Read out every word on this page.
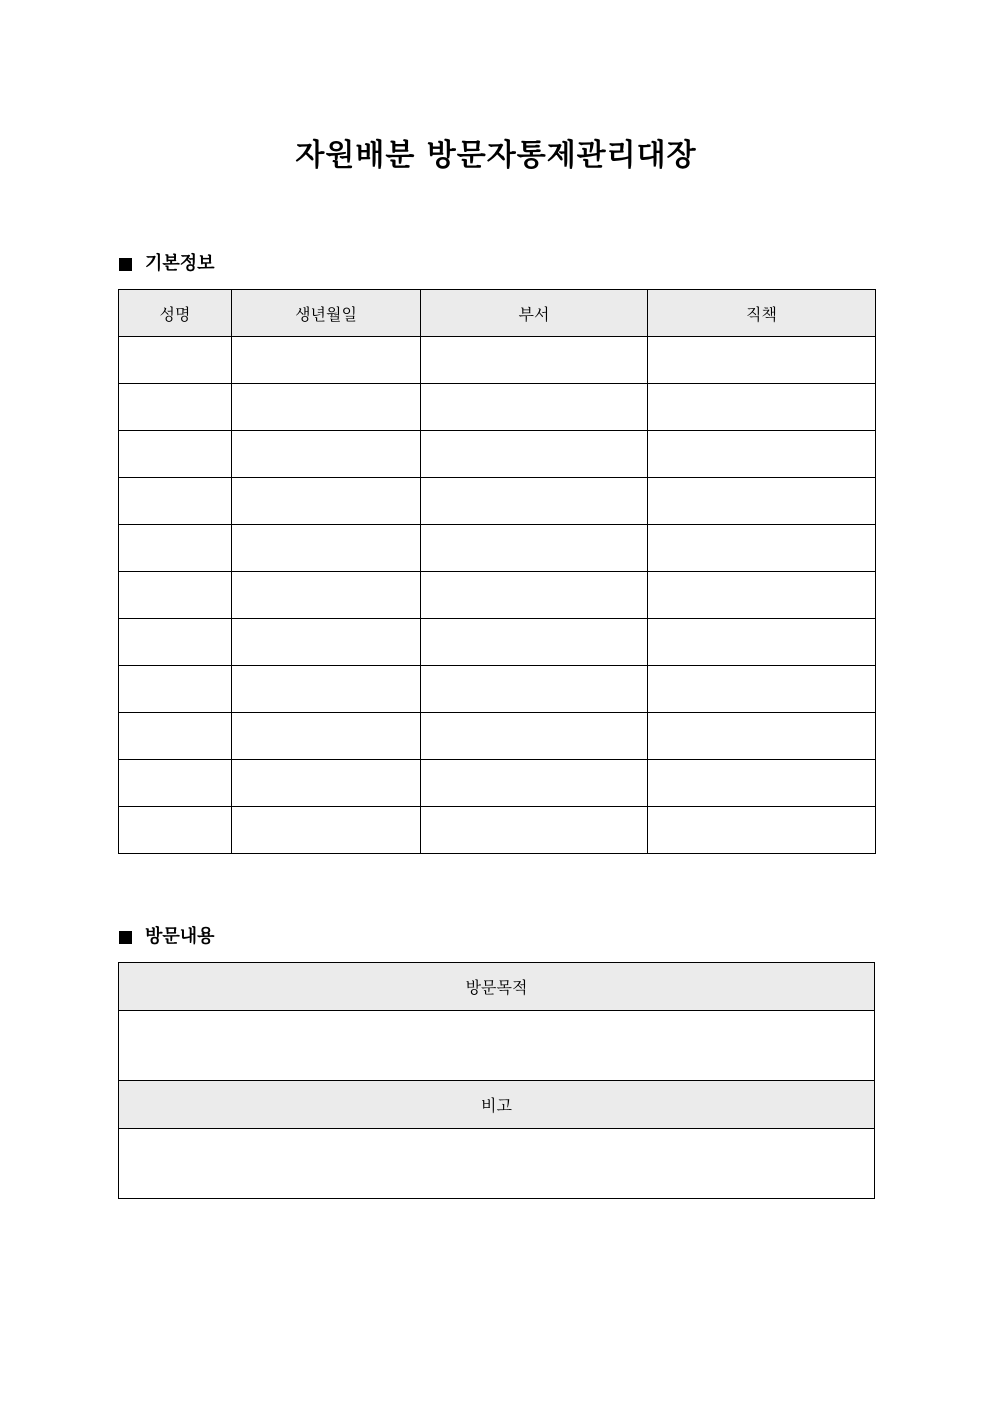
자원배분 방문자통제관리대장
기본정보
성명	생년월일	부서	직책

방문내용
방문목적

비고
